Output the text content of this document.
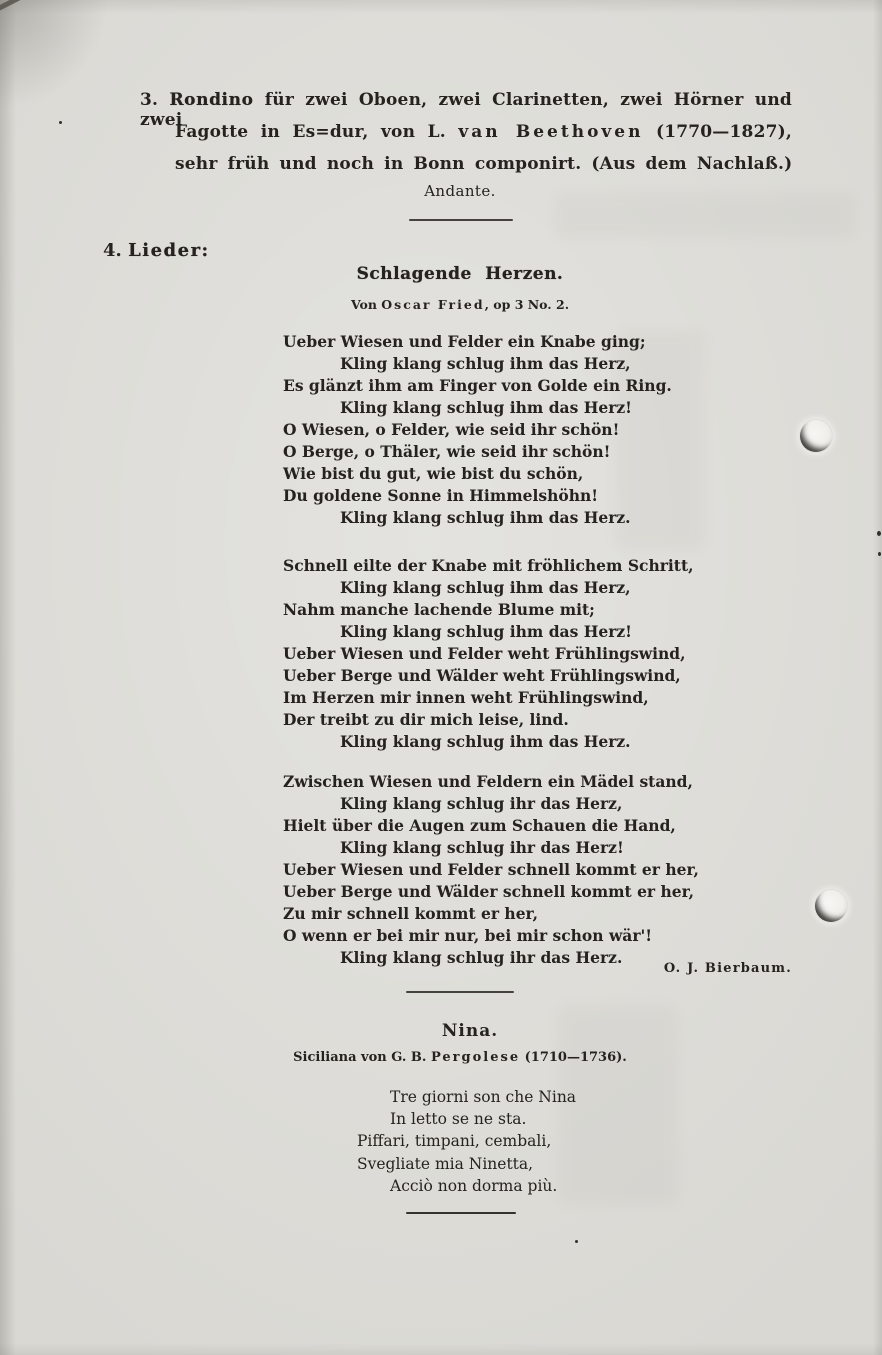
3. Rondino für zwei Oboen, zwei Clarinetten, zwei Hörner und zwei
Fagotte in Es=dur, von L. van Beethoven (1770—1827),
sehr früh und noch in Bonn componirt. (Aus dem Nachlaß.)
Andante.
4. Lieder:
Schlagende Herzen.
Von Oscar Fried, op 3 No. 2.
Ueber Wiesen und Felder ein Knabe ging;
Kling klang schlug ihm das Herz,
Es glänzt ihm am Finger von Golde ein Ring.
Kling klang schlug ihm das Herz!
O Wiesen, o Felder, wie seid ihr schön!
O Berge, o Thäler, wie seid ihr schön!
Wie bist du gut, wie bist du schön,
Du goldene Sonne in Himmelshöhn!
Kling klang schlug ihm das Herz.
Schnell eilte der Knabe mit fröhlichem Schritt,
Kling klang schlug ihm das Herz,
Nahm manche lachende Blume mit;
Kling klang schlug ihm das Herz!
Ueber Wiesen und Felder weht Frühlingswind,
Ueber Berge und Wälder weht Frühlingswind,
Im Herzen mir innen weht Frühlingswind,
Der treibt zu dir mich leise, lind.
Kling klang schlug ihm das Herz.
Zwischen Wiesen und Feldern ein Mädel stand,
Kling klang schlug ihr das Herz,
Hielt über die Augen zum Schauen die Hand,
Kling klang schlug ihr das Herz!
Ueber Wiesen und Felder schnell kommt er her,
Ueber Berge und Wälder schnell kommt er her,
Zu mir schnell kommt er her,
O wenn er bei mir nur, bei mir schon wär'!
Kling klang schlug ihr das Herz.
O. J. Bierbaum.
Nina.
Siciliana von G. B. Pergolese (1710—1736).
Tre giorni son che Nina
In letto se ne sta.
Piffari, timpani, cembali,
Svegliate mia Ninetta,
Acciò non dorma più.
